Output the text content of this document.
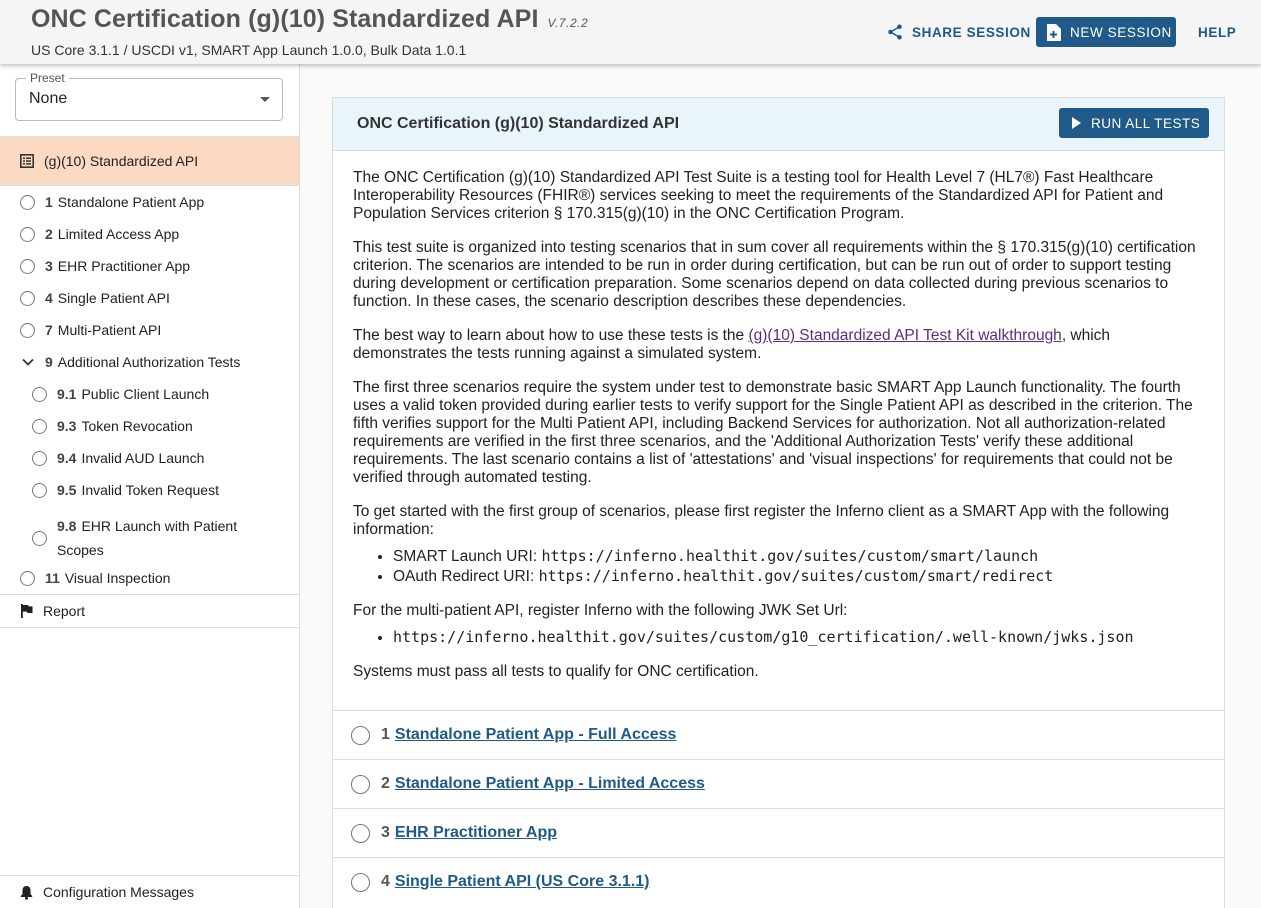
ONC Certification (g)(10) Standardized API V.7.2.2
US Core 3.1.1 / USCDI v1, SMART App Launch 1.0.0, Bulk Data 1.0.1
SHARE SESSION	NEW SESSION HELP
Preset
None
(g)(10) Standardized API
1 Standalone Patient App
2 Limited Access App
3 EHR Practitioner App
4 Single Patient API
7 Multi-Patient API
9 Additional Authorization Tests
9.1 Public Client Launch
9.3 Token Revocation
9.4 Invalid AUD Launch
9.5 Invalid Token Request
9.8 EHR Launch with Patient
Scopes
11 Visual Inspection
Report
Configuration Messages
ONC Certification (g)(10) Standardized API	RUN ALL TESTS

The ONC Certification (g)(10) Standardized API Test Suite is a testing tool for Health Level 7 (HL7®) Fast Healthcare Interoperability Resources (FHIR®) services seeking to meet the requirements of the Standardized API for Patient and Population Services criterion § 170.315(g)(10) in the ONC Certification Program.

This test suite is organized into testing scenarios that in sum cover all requirements within the § 170.315(g)(10) certification criterion. The scenarios are intended to be run in order during certification, but can be run out of order to support testing during development or certification preparation. Some scenarios depend on data collected during previous scenarios to function. In these cases, the scenario description describes these dependencies.

The best way to learn about how to use these tests is the (g)(10) Standardized API Test Kit walkthrough, which demonstrates the tests running against a simulated system.

The first three scenarios require the system under test to demonstrate basic SMART App Launch functionality. The fourth uses a valid token provided during earlier tests to verify support for the Single Patient API as described in the criterion. The fifth verifies support for the Multi Patient API, including Backend Services for authorization. Not all authorization-related requirements are verified in the first three scenarios, and the 'Additional Authorization Tests' verify these additional requirements. The last scenario contains a list of 'attestations' and 'visual inspections' for requirements that could not be verified through automated testing.

To get started with the first group of scenarios, please first register the Inferno client as a SMART App with the following information:

• SMART Launch URI: https://inferno.healthit.gov/suites/custom/smart/launch
• OAuth Redirect URI: https://inferno.healthit.gov/suites/custom/smart/redirect

For the multi-patient API, register Inferno with the following JWK Set Url:

• https://inferno.healthit.gov/suites/custom/g10_certification/.well-known/jwks.json

Systems must pass all tests to qualify for ONC certification.

1 Standalone Patient App - Full Access
2 Standalone Patient App - Limited Access
3 EHR Practitioner App
4 Single Patient API (US Core 3.1.1)
